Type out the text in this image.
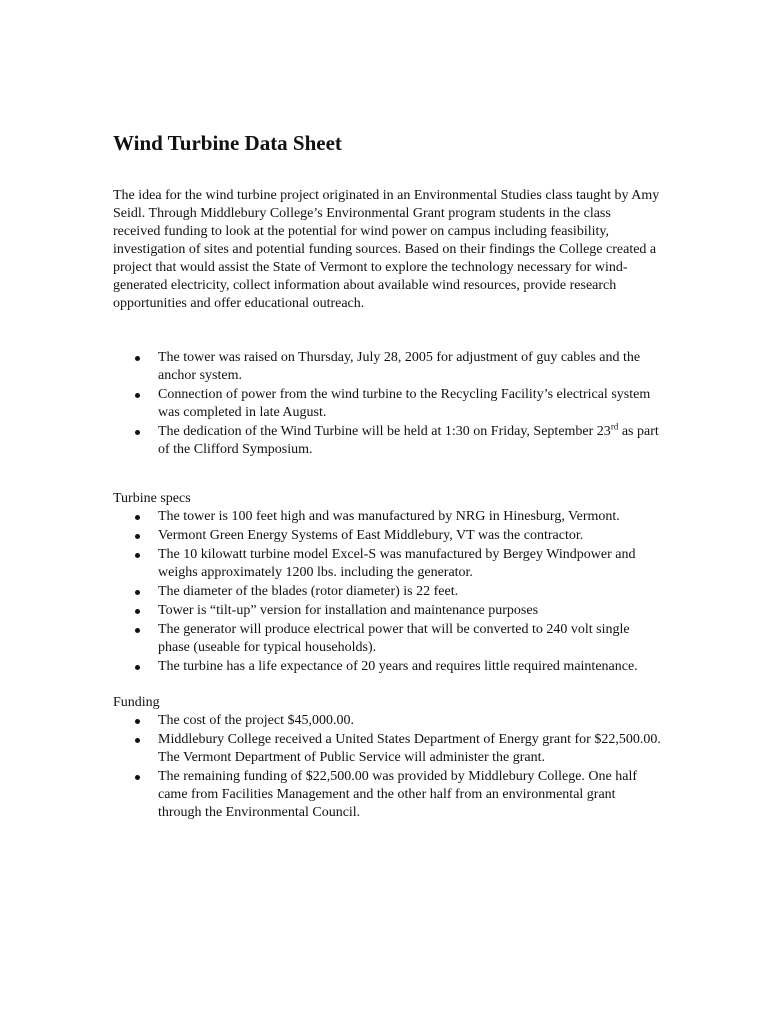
Wind Turbine Data Sheet

The idea for the wind turbine project originated in an Environmental Studies class taught by Amy Seidl. Through Middlebury College’s Environmental Grant program students in the class received funding to look at the potential for wind power on campus including feasibility, investigation of sites and potential funding sources. Based on their findings the College created a project that would assist the State of Vermont to explore the technology necessary for wind-generated electricity, collect information about available wind resources, provide research opportunities and offer educational outreach.

The tower was raised on Thursday, July 28, 2005 for adjustment of guy cables and the anchor system.
Connection of power from the wind turbine to the Recycling Facility’s electrical system was completed in late August.
The dedication of the Wind Turbine will be held at 1:30 on Friday, September 23rd as part of the Clifford Symposium.

Turbine specs

The tower is 100 feet high and was manufactured by NRG in Hinesburg, Vermont.
Vermont Green Energy Systems of East Middlebury, VT was the contractor.
The 10 kilowatt turbine model Excel-S was manufactured by Bergey Windpower and weighs approximately 1200 lbs. including the generator.
The diameter of the blades (rotor diameter) is 22 feet.
Tower is “tilt-up” version for installation and maintenance purposes
The generator will produce electrical power that will be converted to 240 volt single phase (useable for typical households).
The turbine has a life expectance of 20 years and requires little required maintenance.

Funding

The cost of the project $45,000.00.
Middlebury College received a United States Department of Energy grant for $22,500.00. The Vermont Department of Public Service will administer the grant.
The remaining funding of $22,500.00 was provided by Middlebury College. One half came from Facilities Management and the other half from an environmental grant through the Environmental Council.
